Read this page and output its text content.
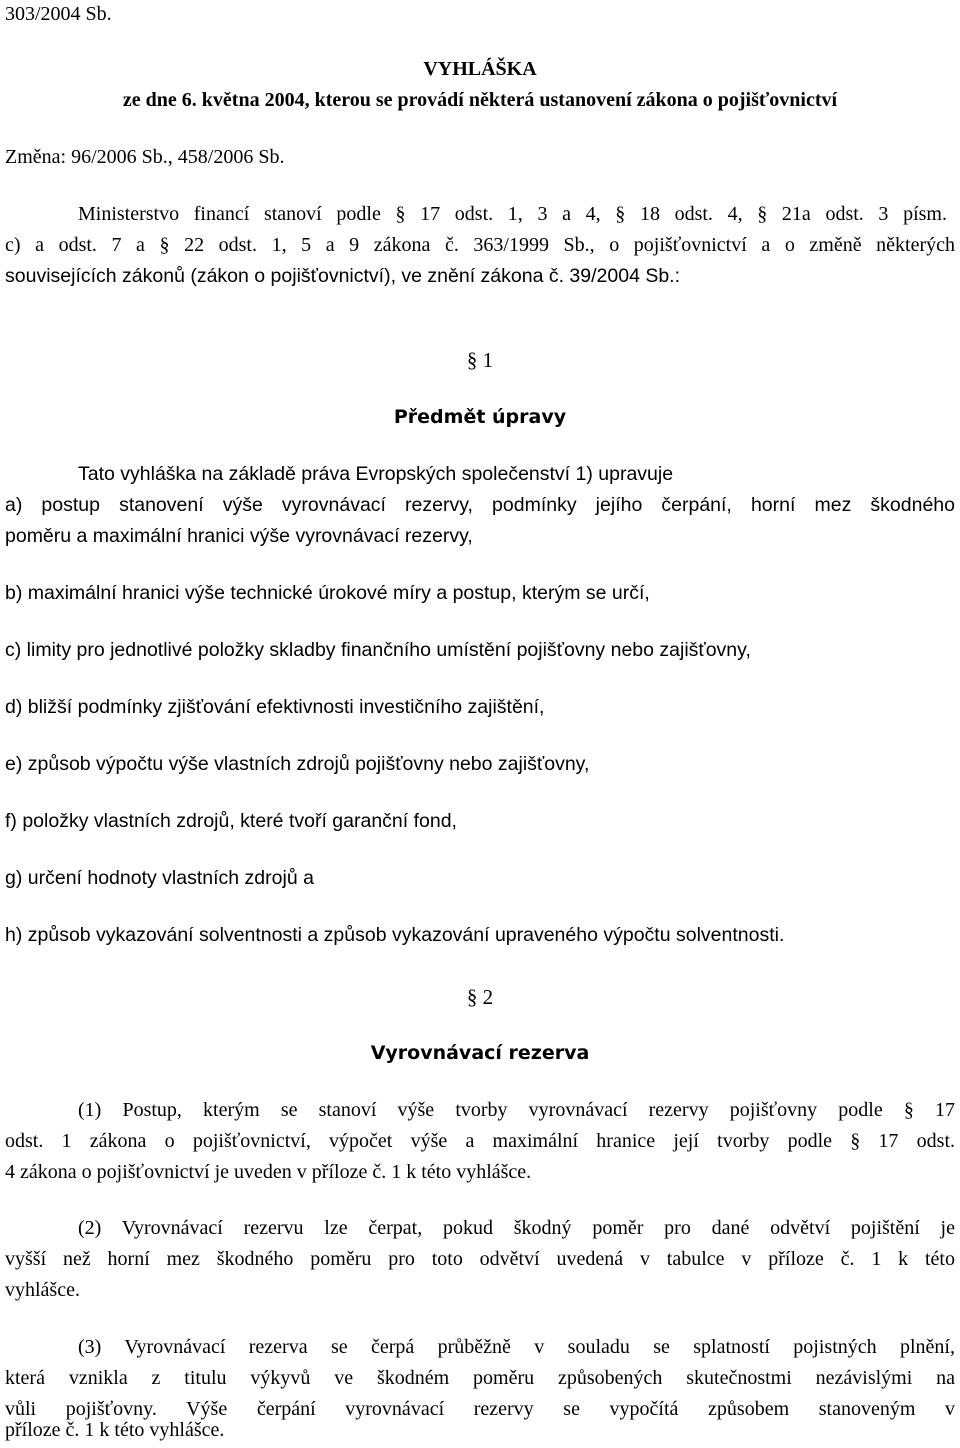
303/2004 Sb.
VYHLÁŠKA
ze dne 6. května 2004, kterou se provádí některá ustanovení zákona o pojišťovnictví
Změna: 96/2006 Sb., 458/2006 Sb.
Ministerstvo financí stanoví podle § 17 odst. 1, 3 a 4, § 18 odst. 4, § 21a odst. 3 písm.
c) a odst. 7 a § 22 odst. 1, 5 a 9 zákona č. 363/1999 Sb., o pojišťovnictví a o změně některých
souvisejících zákonů (zákon o pojišťovnictví), ve znění zákona č. 39/2004 Sb.:
§ 1
Předmět úpravy
Tato vyhláška na základě práva Evropských společenství 1) upravuje
a) postup stanovení výše vyrovnávací rezervy, podmínky jejího čerpání, horní mez škodného
poměru a maximální hranici výše vyrovnávací rezervy,
b) maximální hranici výše technické úrokové míry a postup, kterým se určí,
c) limity pro jednotlivé položky skladby finančního umístění pojišťovny nebo zajišťovny,
d) bližší podmínky zjišťování efektivnosti investičního zajištění,
e) způsob výpočtu výše vlastních zdrojů pojišťovny nebo zajišťovny,
f) položky vlastních zdrojů, které tvoří garanční fond,
g) určení hodnoty vlastních zdrojů a
h) způsob vykazování solventnosti a způsob vykazování upraveného výpočtu solventnosti.
§ 2
Vyrovnávací rezerva
(1) Postup, kterým se stanoví výše tvorby vyrovnávací rezervy pojišťovny podle § 17
odst. 1 zákona o pojišťovnictví, výpočet výše a maximální hranice její tvorby podle § 17 odst.
4 zákona o pojišťovnictví je uveden v příloze č. 1 k této vyhlášce.
(2) Vyrovnávací rezervu lze čerpat, pokud škodný poměr pro dané odvětví pojištění je
vyšší než horní mez škodného poměru pro toto odvětví uvedená v tabulce v příloze č. 1 k této
vyhlášce.
(3) Vyrovnávací rezerva se čerpá průběžně v souladu se splatností pojistných plnění,
která vznikla z titulu výkyvů ve škodném poměru způsobených skutečnostmi nezávislými na
vůli pojišťovny. Výše čerpání vyrovnávací rezervy se vypočítá způsobem stanoveným v
příloze č. 1 k této vyhlášce.
